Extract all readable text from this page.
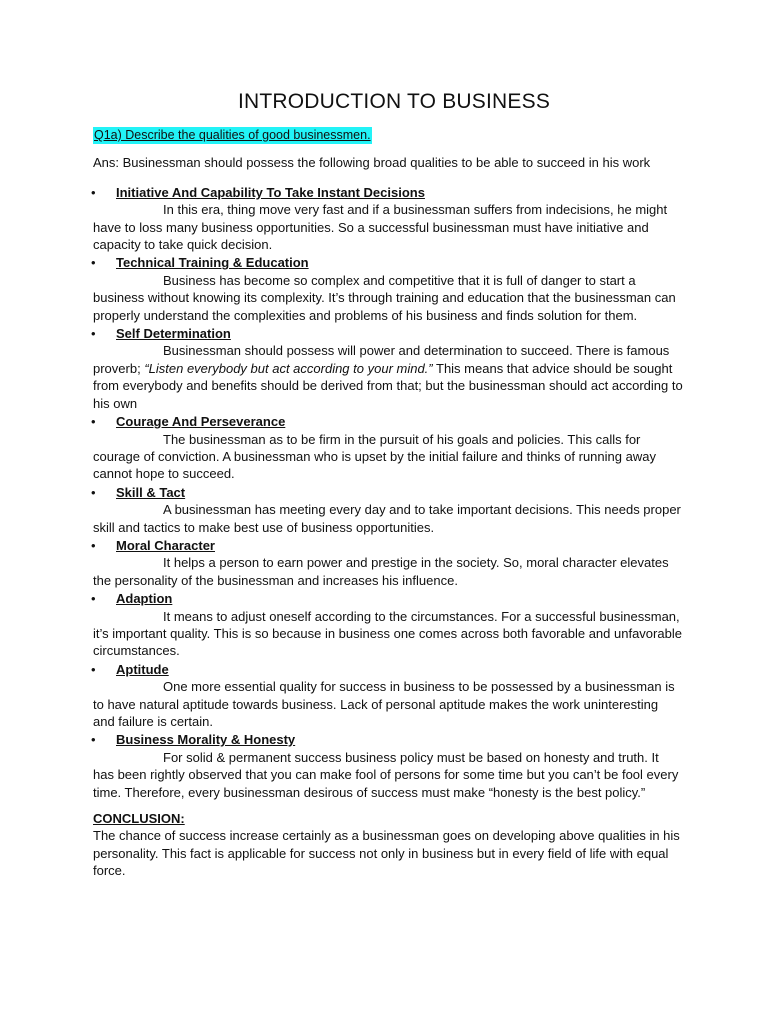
INTRODUCTION TO BUSINESS
Q1a) Describe the qualities of good businessmen.

Ans: Businessman should possess the following broad qualities to be able to succeed in his work

• Initiative And Capability To Take Instant Decisions

In this era, thing move very fast and if a businessman suffers from indecisions, he might have to loss many business opportunities. So a successful businessman must have initiative and capacity to take quick decision.

• Technical Training & Education

Business has become so complex and competitive that it is full of danger to start a business without knowing its complexity. It’s through training and education that the businessman can properly understand the complexities and problems of his business and finds solution for them.

• Self Determination

Businessman should possess will power and determination to succeed. There is famous proverb; “Listen everybody but act according to your mind.” This means that advice should be sought from everybody and benefits should be derived from that; but the businessman should act according to his own

• Courage And Perseverance

The businessman as to be firm in the pursuit of his goals and policies. This calls for courage of conviction. A businessman who is upset by the initial failure and thinks of running away cannot hope to succeed.

• Skill & Tact

A businessman has meeting every day and to take important decisions. This needs proper skill and tactics to make best use of business opportunities.

• Moral Character

It helps a person to earn power and prestige in the society. So, moral character elevates the personality of the businessman and increases his influence.

• Adaption

It means to adjust oneself according to the circumstances. For a successful businessman, it’s important quality. This is so because in business one comes across both favorable and unfavorable circumstances.

• Aptitude

One more essential quality for success in business to be possessed by a businessman is to have natural aptitude towards business. Lack of personal aptitude makes the work uninteresting and failure is certain.

• Business Morality & Honesty

For solid & permanent success business policy must be based on honesty and truth. It has been rightly observed that you can make fool of persons for some time but you can’t be fool every time. Therefore, every businessman desirous of success must make “honesty is the best policy.”

CONCLUSION:

The chance of success increase certainly as a businessman goes on developing above qualities in his personality. This fact is applicable for success not only in business but in every field of life with equal force.
